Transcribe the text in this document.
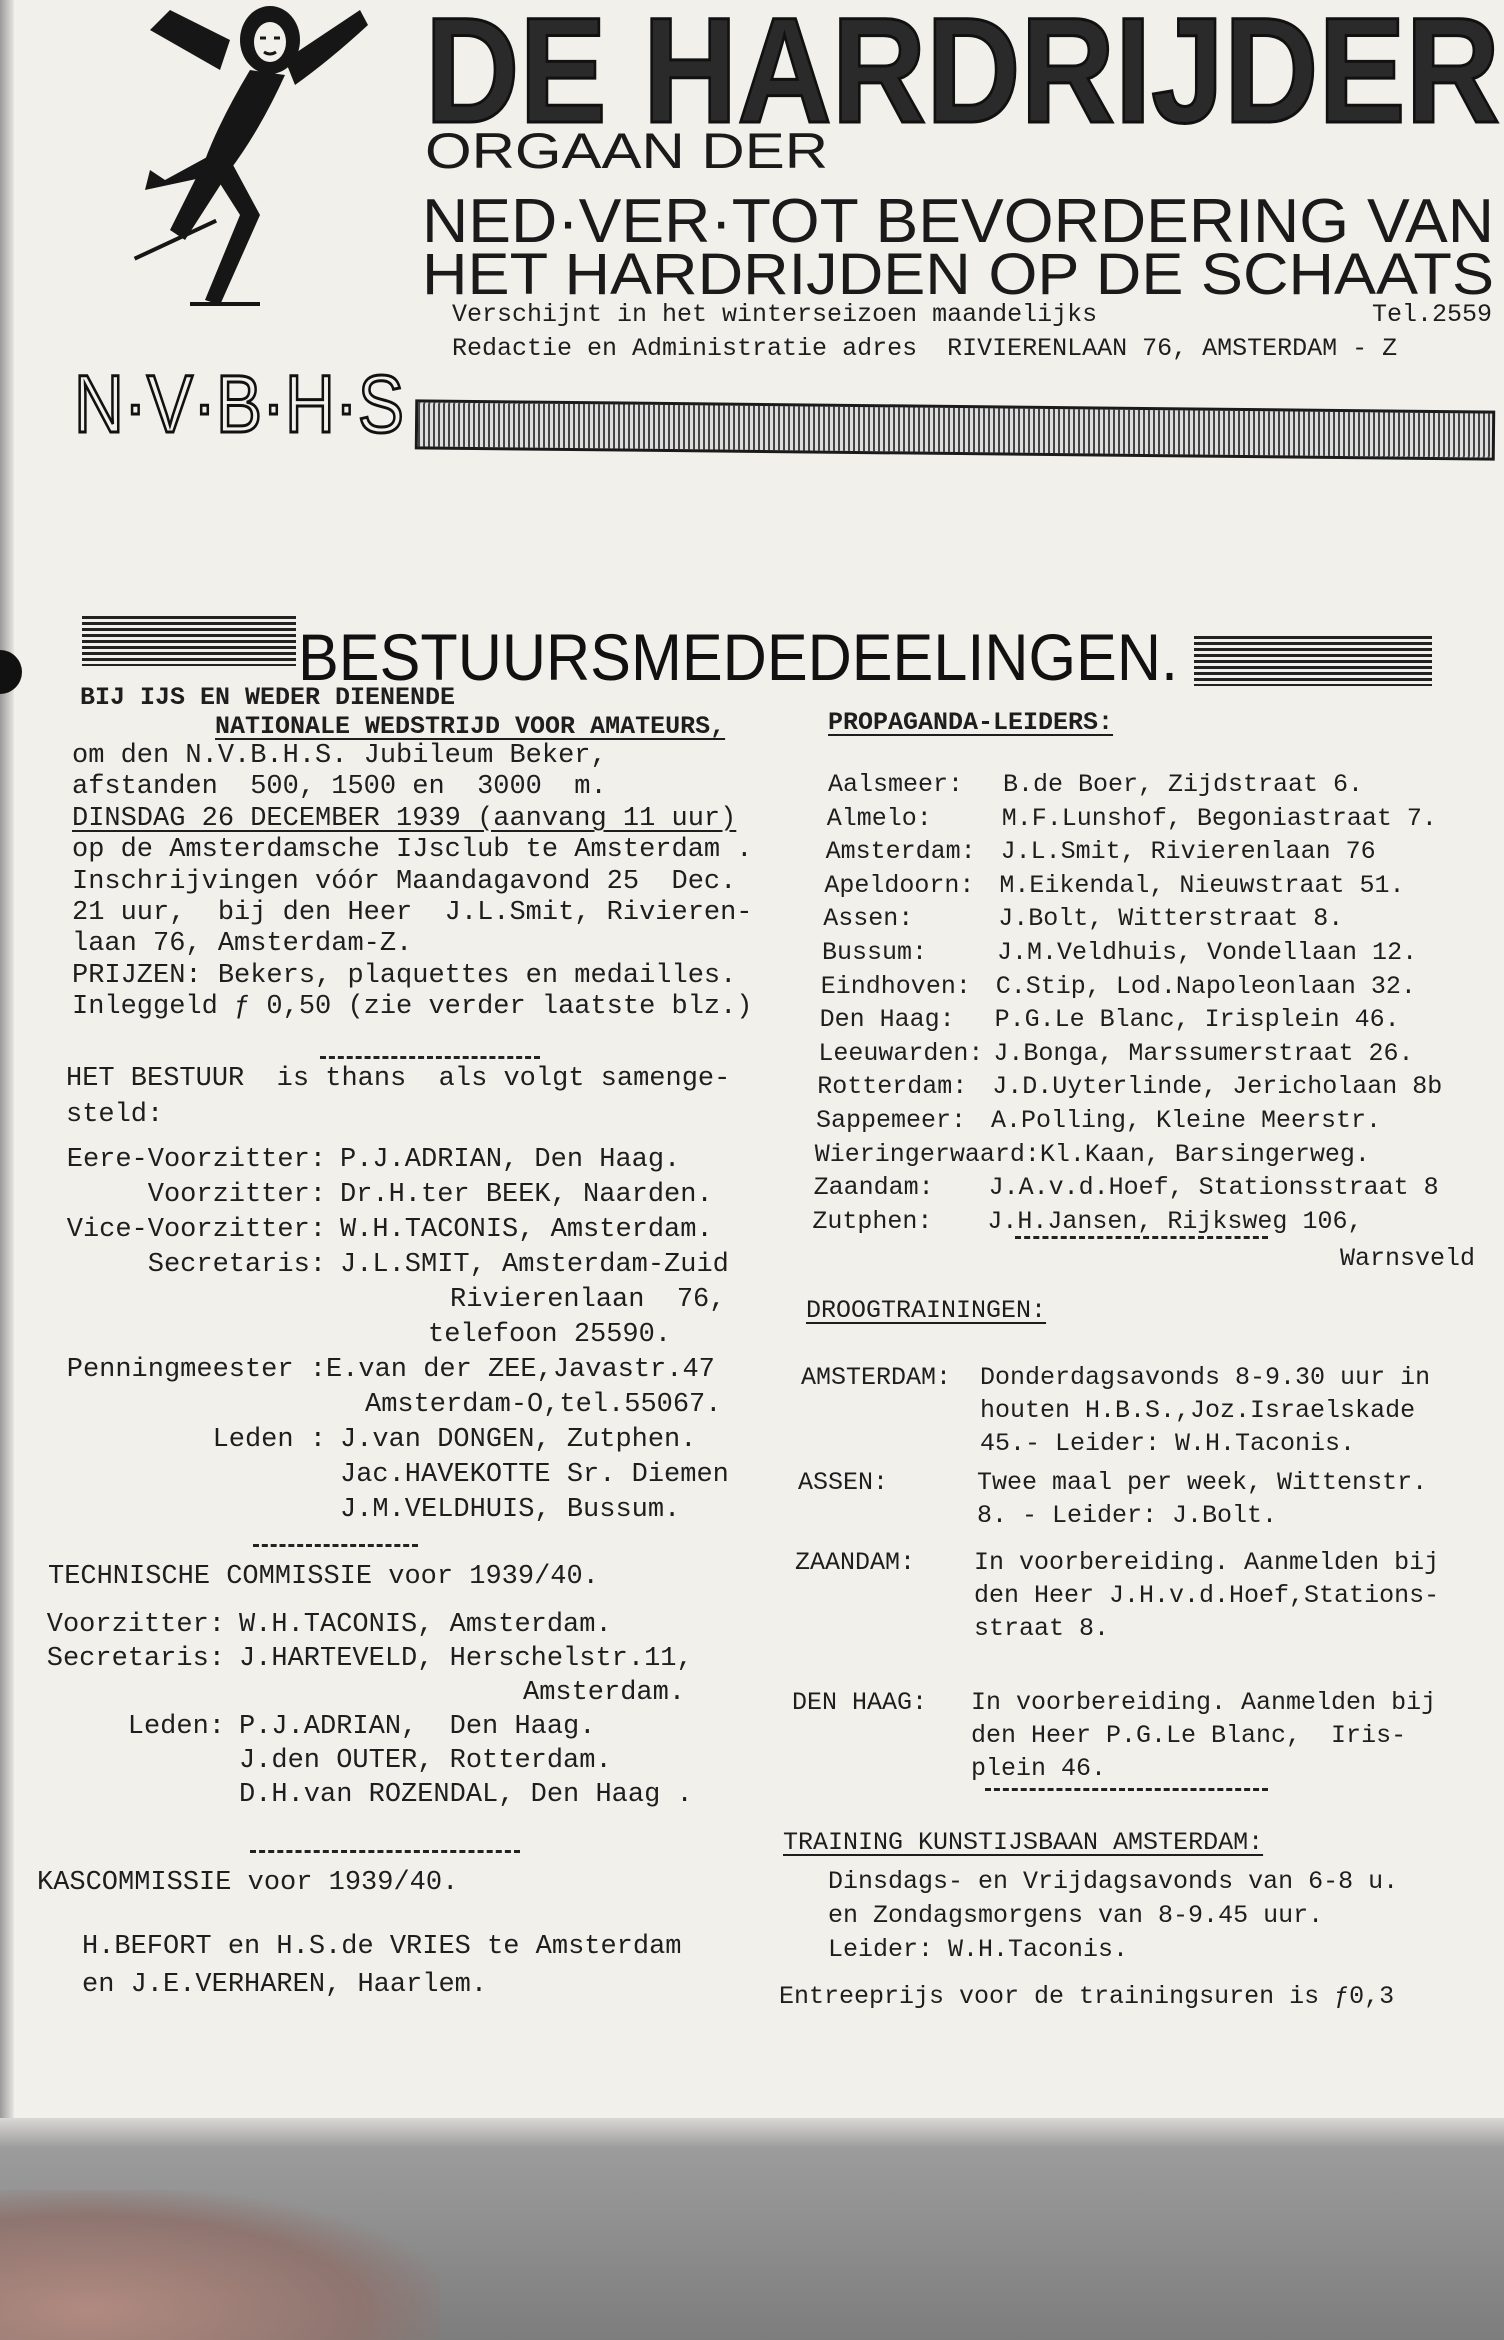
DE HARDRIJDER
ORGAAN DER
NED·VER·TOT BEVORDERING VAN
HET HARDRIJDEN OP DE SCHAATS
N·V·B·H·S
Verschijnt in het winterseizoen maandelijks
Redactie en Administratie adres  RIVIERENLAAN 76, AMSTERDAM - Z
Tel.2559
BESTUURSMEDEDEELINGEN.
BIJ IJS EN WEDER DIENENDE
NATIONALE WEDSTRIJD VOOR AMATEURS,
om den N.V.B.H.S. Jubileum Beker,
afstanden  500, 1500 en  3000  m.
DINSDAG 26 DECEMBER 1939 (aanvang 11 uur)
op de Amsterdamsche IJsclub te Amsterdam .
Inschrijvingen vóór Maandagavond 25  Dec.
21 uur,  bij den Heer  J.L.Smit, Rivieren-
laan 76, Amsterdam-Z.
PRIJZEN: Bekers, plaquettes en medailles.
Inleggeld ƒ 0,50 (zie verder laatste blz.)
HET BESTUUR  is thans  als volgt samenge-
steld:
Eere-Voorzitter: P.J.ADRIAN, Den Haag.
Voorzitter: Dr.H.ter BEEK, Naarden.
Vice-Voorzitter: W.H.TACONIS, Amsterdam.
Secretaris: J.L.SMIT, Amsterdam-Zuid
Rivierenlaan  76,
telefoon 25590.
Penningmeester : E.van der ZEE,Javastr.47
Amsterdam-O,tel.55067.
Leden : J.van DONGEN, Zutphen.
Jac.HAVEKOTTE Sr. Diemen
J.M.VELDHUIS, Bussum.
TECHNISCHE COMMISSIE voor 1939/40.
Voorzitter: W.H.TACONIS, Amsterdam.
Secretaris: J.HARTEVELD, Herschelstr.11,
Amsterdam.
Leden: P.J.ADRIAN,  Den Haag.
J.den OUTER, Rotterdam.
D.H.van ROZENDAL, Den Haag .
KASCOMMISSIE voor 1939/40.
H.BEFORT en H.S.de VRIES te Amsterdam
en J.E.VERHAREN, Haarlem.
PROPAGANDA-LEIDERS:
Aalsmeer:	B.de Boer, Zijdstraat 6.
Almelo:	M.F.Lunshof, Begoniastraat 7.
Amsterdam: J.L.Smit, Rivierenlaan 76
Apeldoorn: M.Eikendal, Nieuwstraat 51.
Assen:	J.Bolt, Witterstraat 8.
Bussum:	J.M.Veldhuis, Vondellaan 12.
Eindhoven: C.Stip, Lod.Napoleonlaan 32.
Den Haag:	P.G.Le Blanc, Irisplein 46.
Leeuwarden: J.Bonga, Marssumerstraat 26.
Rotterdam: J.D.Uyterlinde, Jericholaan 8b
Sappemeer: A.Polling, Kleine Meerstr.
Wieringerwaard: Kl.Kaan, Barsingerweg.
Zaandam:	J.A.v.d.Hoef, Stationsstraat 8
Zutphen:	J.H.Jansen, Rijksweg 106,
Warnsveld
DROOGTRAININGEN:
AMSTERDAM: Donderdagsavonds 8-9.30 uur in
houten H.B.S.,Joz.Israelskade
45.- Leider: W.H.Taconis.
ASSEN:	Twee maal per week, Wittenstr.
8. - Leider: J.Bolt.
ZAANDAM: In voorbereiding. Aanmelden bij
den Heer J.H.v.d.Hoef,Stations-
straat 8.
DEN HAAG: In voorbereiding. Aanmelden bij
den Heer P.G.Le Blanc,  Iris-
plein 46.
TRAINING KUNSTIJSBAAN AMSTERDAM:
Dinsdags- en Vrijdagsavonds van 6-8 u.
en Zondagsmorgens van 8-9.45 uur.
Leider: W.H.Taconis.
Entreeprijs voor de trainingsuren is ƒ0,3
